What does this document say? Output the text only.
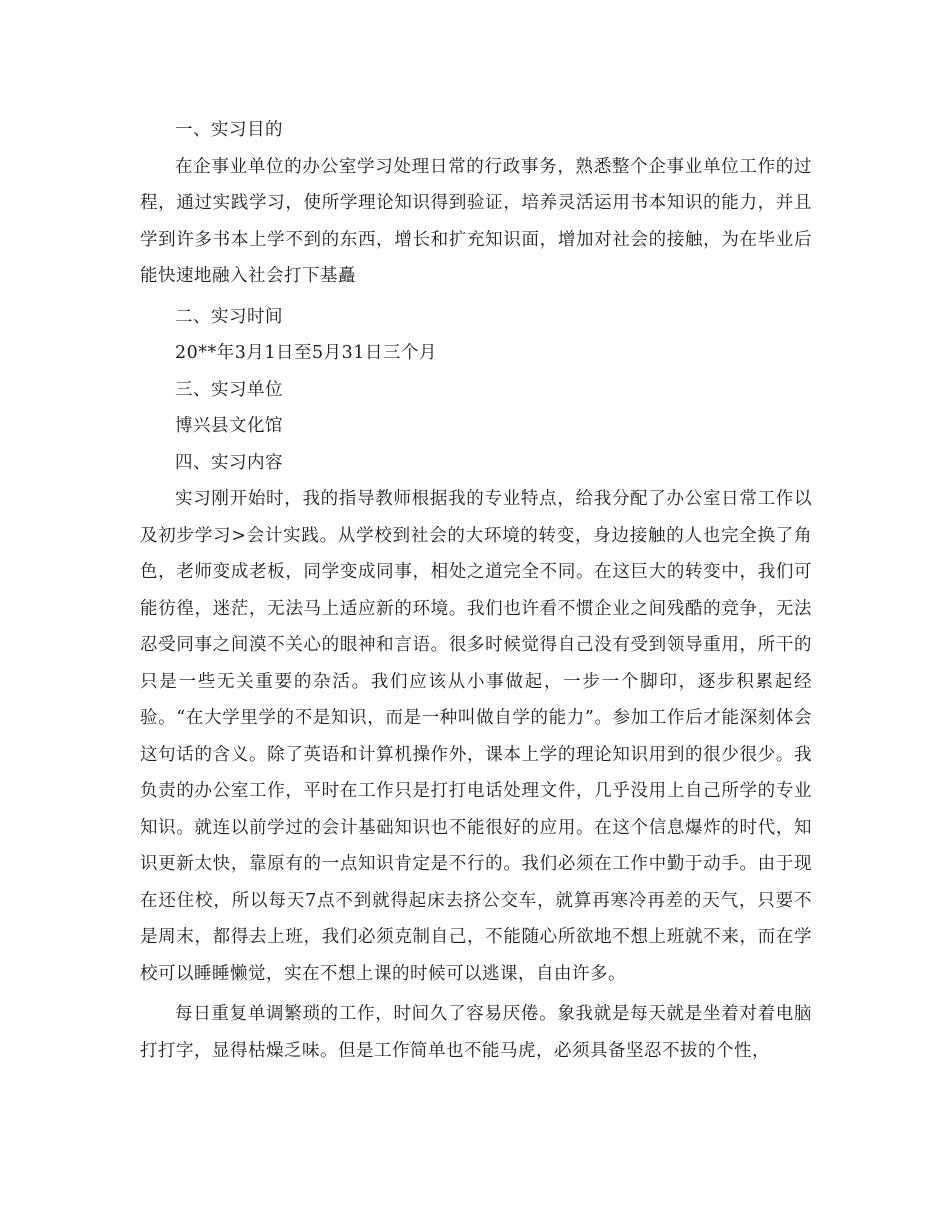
一、实习目的

在企事业单位的办公室学习处理日常的行政事务，熟悉整个企事业单位工作的过程，通过实践学习，使所学理论知识得到验证，培养灵活运用书本知识的能力，并且学到许多书本上学不到的东西，增长和扩充知识面，增加对社会的接触，为在毕业后能快速地融入社会打下基矗

二、实习时间

20**年3月1日至5月31日三个月

三、实习单位

博兴县文化馆

四、实习内容

实习刚开始时，我的指导教师根据我的专业特点，给我分配了办公室日常工作以及初步学习>会计实践。从学校到社会的大环境的转变，身边接触的人也完全换了角色，老师变成老板，同学变成同事，相处之道完全不同。在这巨大的转变中，我们可能彷徨，迷茫，无法马上适应新的环境。我们也许看不惯企业之间残酷的竞争，无法忍受同事之间漠不关心的眼神和言语。很多时候觉得自己没有受到领导重用，所干的只是一些无关重要的杂活。我们应该从小事做起，一步一个脚印，逐步积累起经验。“在大学里学的不是知识，而是一种叫做自学的能力”。参加工作后才能深刻体会这句话的含义。除了英语和计算机操作外，课本上学的理论知识用到的很少很少。我负责的办公室工作，平时在工作只是打打电话处理文件，几乎没用上自己所学的专业知识。就连以前学过的会计基础知识也不能很好的应用。在这个信息爆炸的时代，知识更新太快，靠原有的一点知识肯定是不行的。我们必须在工作中勤于动手。由于现在还住校，所以每天7点不到就得起床去挤公交车，就算再寒冷再差的天气，只要不是周末，都得去上班，我们必须克制自己，不能随心所欲地不想上班就不来，而在学校可以睡睡懒觉，实在不想上课的时候可以逃课，自由许多。

每日重复单调繁琐的工作，时间久了容易厌倦。象我就是每天就是坐着对着电脑打打字，显得枯燥乏味。但是工作简单也不能马虎，必须具备坚忍不拔的个性，
